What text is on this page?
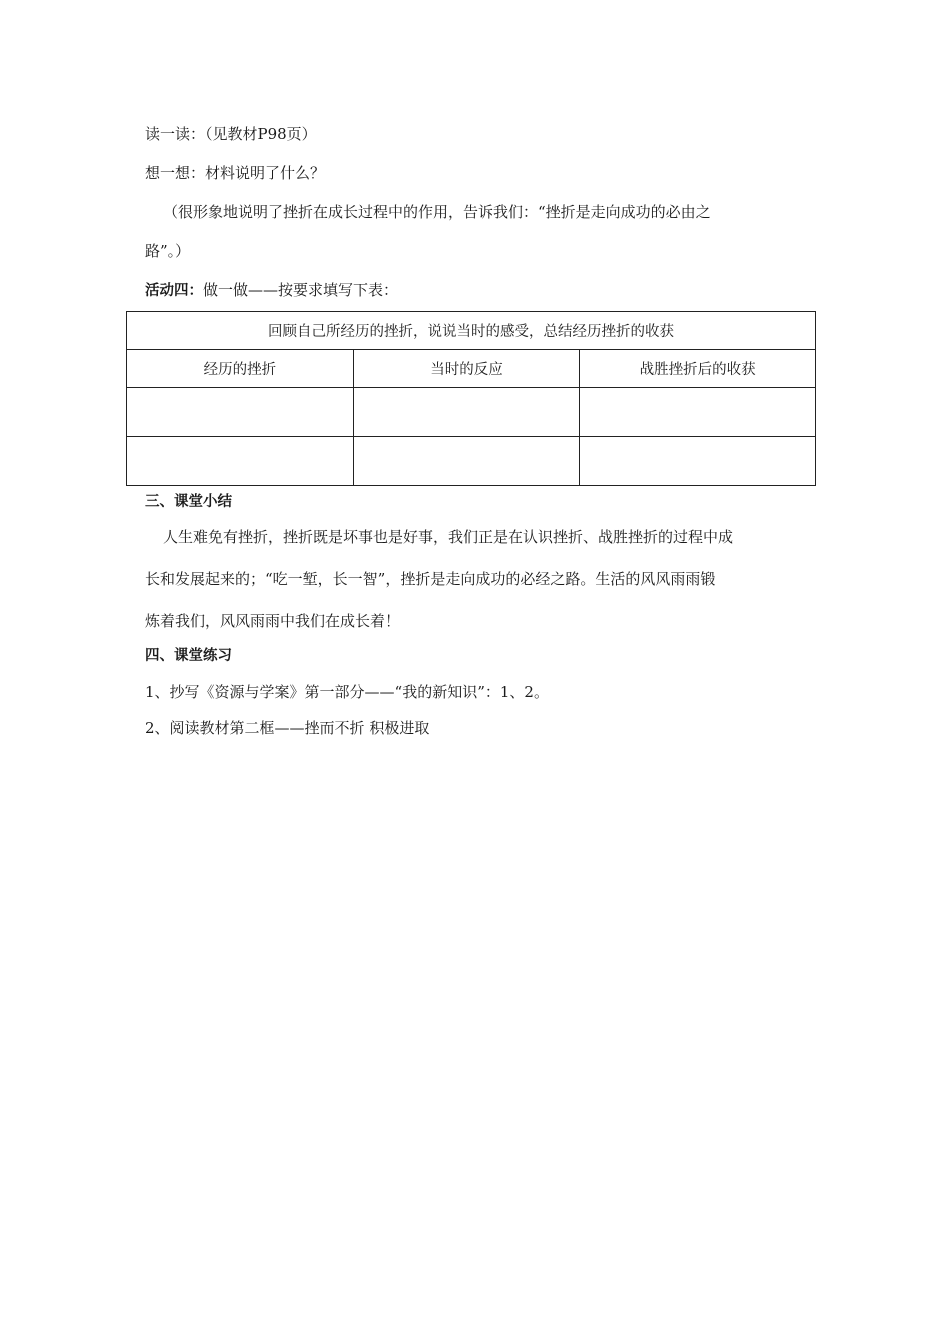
读一读：（见教材P98页）
想一想：材料说明了什么？
（很形象地说明了挫折在成长过程中的作用，告诉我们：“挫折是走向成功的必由之
路”。）
活动四：做一做——按要求填写下表：
回顾自己所经历的挫折，说说当时的感受，总结经历挫折的收获		
经历的挫折	当时的反应	战胜挫折后的收获

三、课堂小结
人生难免有挫折，挫折既是坏事也是好事，我们正是在认识挫折、战胜挫折的过程中成
长和发展起来的；“吃一堑，长一智”，挫折是走向成功的必经之路。生活的风风雨雨锻
炼着我们，风风雨雨中我们在成长着！
四、课堂练习
1、抄写《资源与学案》第一部分——“我的新知识”：1、2。
2、阅读教材第二框——挫而不折 积极进取
